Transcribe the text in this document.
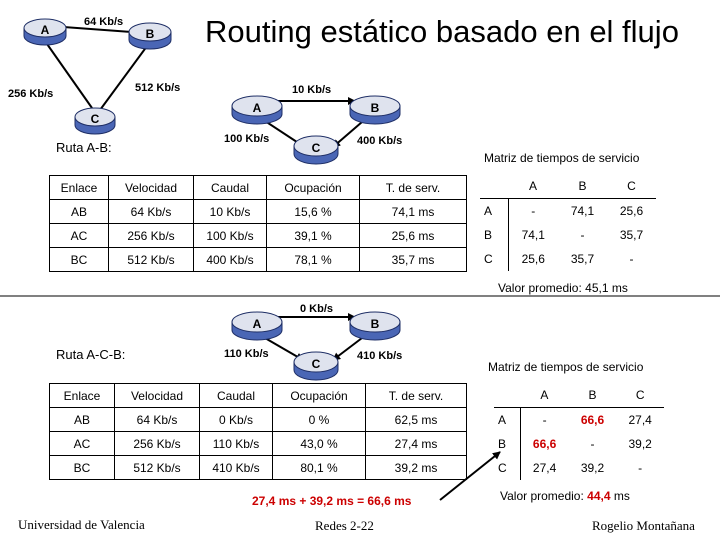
A	B
C
A	B
C
A	B
C
Routing estático basado en el flujo
64 Kb/s
256 Kb/s	512 Kb/s
Ruta A-B:
10 Kb/s
100 Kb/s	400 Kb/s
Matriz de tiempos de servicio
Enlace	Velocidad	Caudal	Ocupación	T. de serv.
AB	64 Kb/s	10 Kb/s	15,6 %	74,1 ms
AC	256 Kb/s	100 Kb/s	39,1 %	25,6 ms
BC	512 Kb/s	400 Kb/s	78,1 %	35,7 ms
	A	B	C
A	-	74,1	25,6
B	74,1	-	35,7
C	25,6	35,7	-
Valor promedio: 45,1 ms
0 Kb/s
Ruta A-C-B:	110 Kb/s	410 Kb/s
Matriz de tiempos de servicio
Enlace	Velocidad	Caudal	Ocupación	T. de serv.
AB	64 Kb/s	0 Kb/s	0 %	62,5 ms
AC	256 Kb/s	110 Kb/s	43,0 %	27,4 ms
BC	512 Kb/s	410 Kb/s	80,1 %	39,2 ms
	A	B	C
A	-	66,6	27,4
B	66,6	-	39,2
C	27,4	39,2	-
Valor promedio: 44,4 ms
27,4 ms + 39,2 ms = 66,6 ms
Universidad de Valencia	Redes 2-22	Rogelio Montañana
